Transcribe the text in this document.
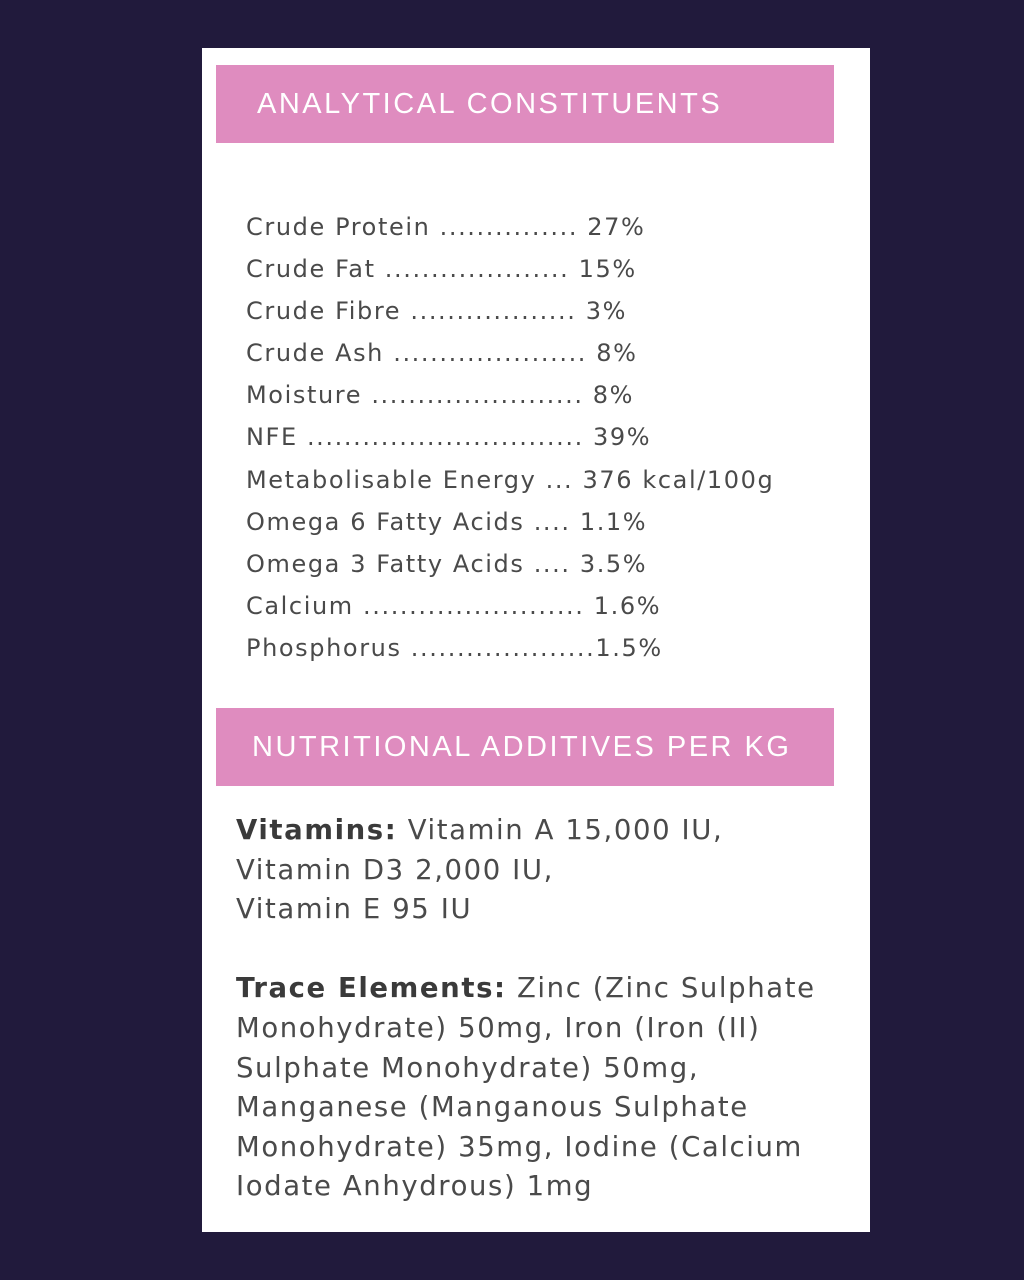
ANALYTICAL CONSTITUENTS
Crude Protein ............... 27%
Crude Fat .................... 15%
Crude Fibre .................. 3%
Crude Ash ..................... 8%
Moisture ....................... 8%
NFE .............................. 39%
Metabolisable Energy ... 376 kcal/100g
Omega 6 Fatty Acids .... 1.1%
Omega 3 Fatty Acids .... 3.5%
Calcium ........................ 1.6%
Phosphorus ....................1.5%
NUTRITIONAL ADDITIVES PER KG

Vitamins: Vitamin A 15,000 IU,
Vitamin D3 2,000 IU,
Vitamin E 95 IU

Trace Elements: Zinc (Zinc Sulphate
Monohydrate) 50mg, Iron (Iron (II)
Sulphate Monohydrate) 50mg,
Manganese (Manganous Sulphate
Monohydrate) 35mg, Iodine (Calcium
Iodate Anhydrous) 1mg
